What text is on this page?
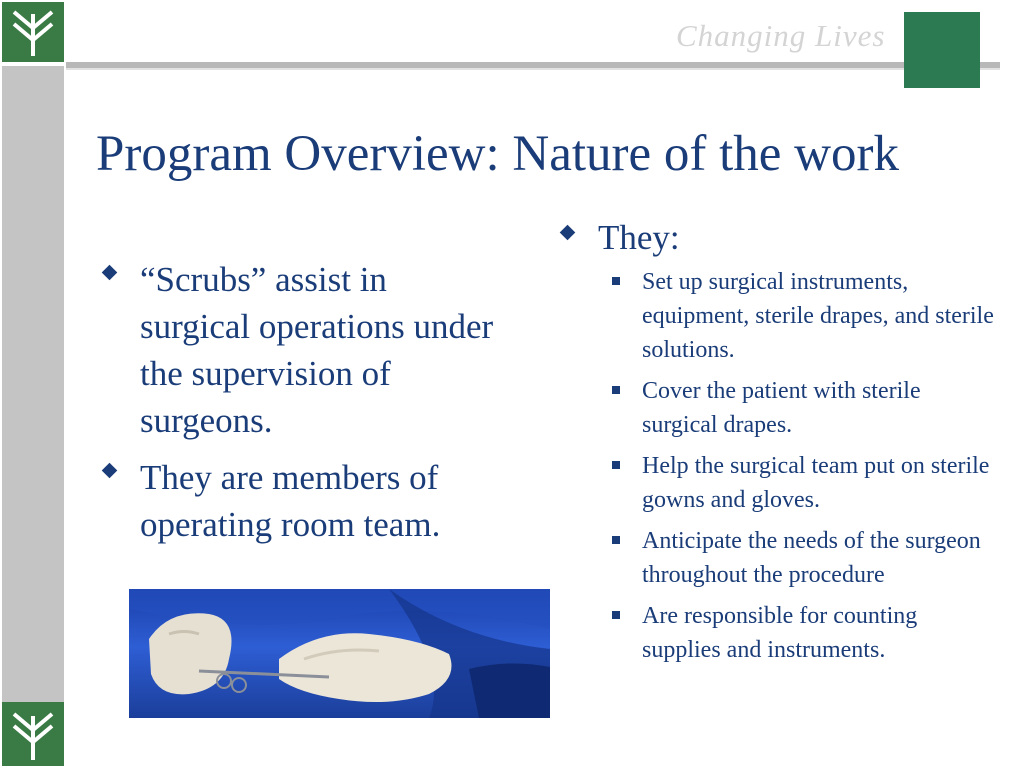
Changing Lives
Program Overview: Nature of the work
“Scrubs” assist in surgical operations under the supervision of surgeons.
They are members of operating room team.
They:
Set up surgical instruments, equipment, sterile drapes, and sterile solutions.
Cover the patient with sterile surgical drapes.
Help the surgical team put on sterile gowns and gloves.
Anticipate the needs of the surgeon throughout the procedure
Are responsible for counting supplies and instruments.
